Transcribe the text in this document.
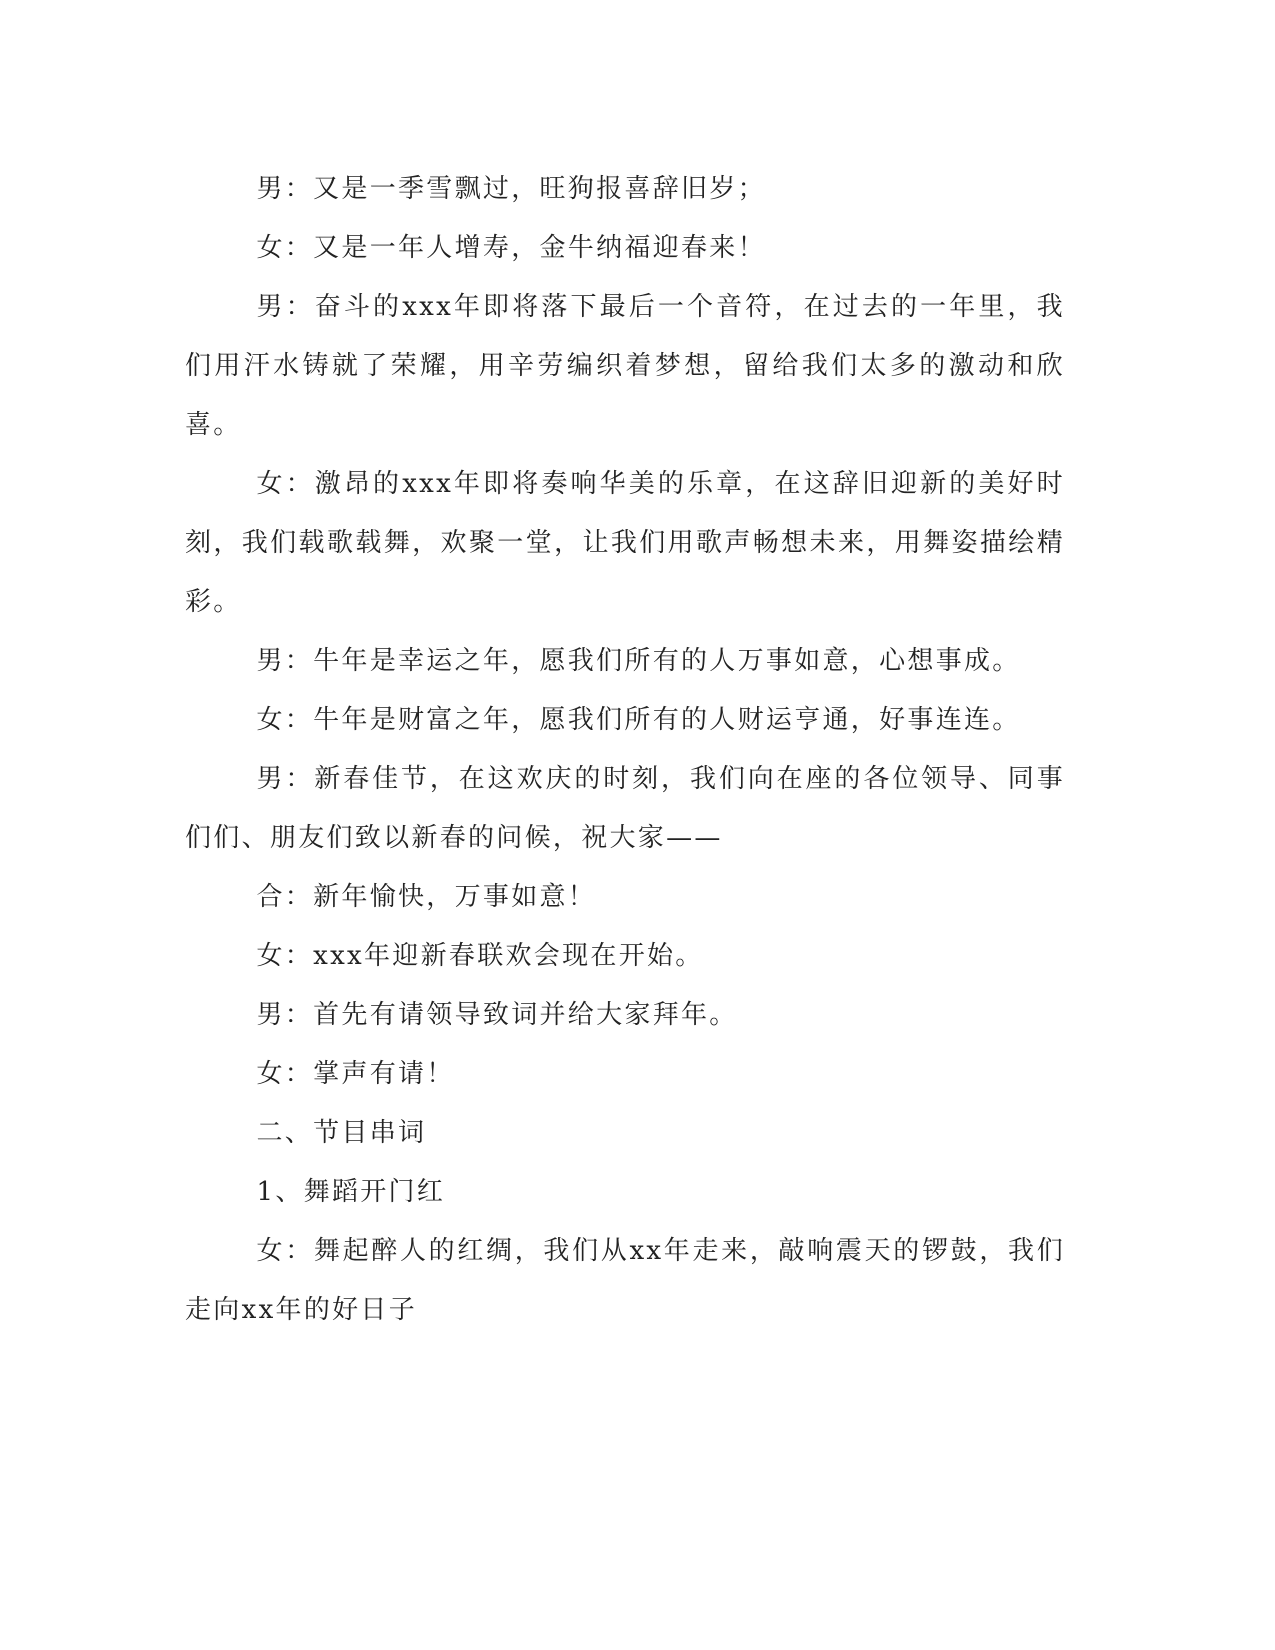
男：又是一季雪飘过，旺狗报喜辞旧岁；

女：又是一年人增寿，金牛纳福迎春来！

男：奋斗的xxx年即将落下最后一个音符，在过去的一年里，我们用汗水铸就了荣耀，用辛劳编织着梦想，留给我们太多的激动和欣喜。

女：激昂的xxx年即将奏响华美的乐章，在这辞旧迎新的美好时刻，我们载歌载舞，欢聚一堂，让我们用歌声畅想未来，用舞姿描绘精彩。

男：牛年是幸运之年，愿我们所有的人万事如意，心想事成。

女：牛年是财富之年，愿我们所有的人财运亨通，好事连连。

男：新春佳节，在这欢庆的时刻，我们向在座的各位领导、同事们们、朋友们致以新春的问候，祝大家——

合：新年愉快，万事如意！

女：xxx年迎新春联欢会现在开始。

男：首先有请领导致词并给大家拜年。

女：掌声有请！

二、节目串词

1、舞蹈开门红

女：舞起醉人的红绸，我们从xx年走来，敲响震天的锣鼓，我们走向xx年的好日子
